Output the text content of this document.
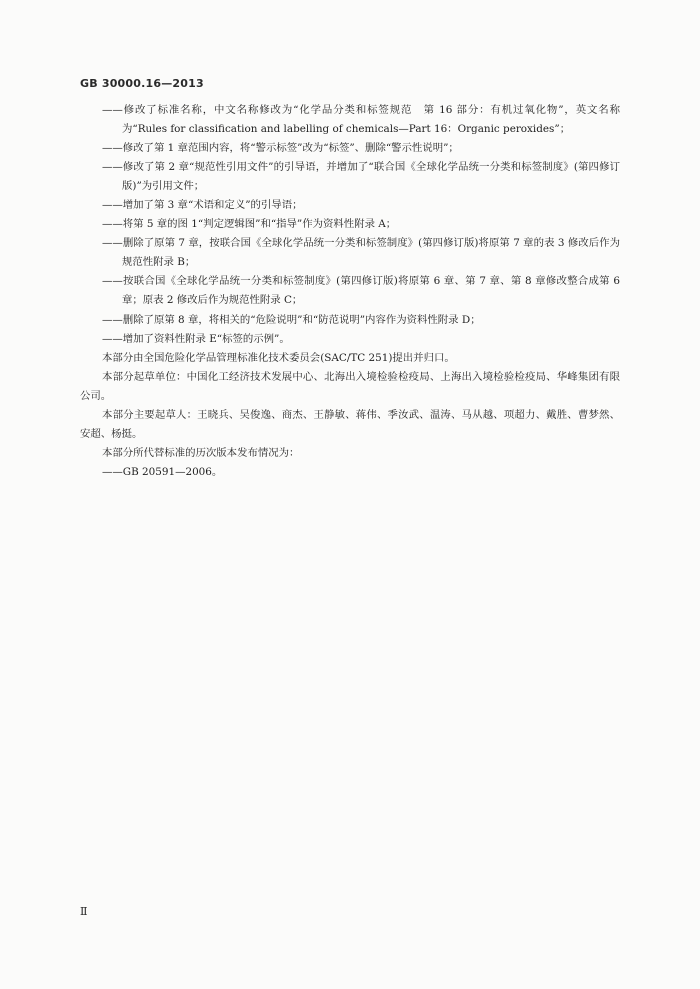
GB 30000.16—2013

——修改了标准名称，中文名称修改为“化学品分类和标签规范　第 16 部分：有机过氧化物”，英文名称为“Rules for classification and labelling of chemicals—Part 16：Organic peroxides”；

——修改了第 1 章范围内容，将“警示标签”改为“标签”、删除“警示性说明”；

——修改了第 2 章“规范性引用文件”的引导语，并增加了“联合国《全球化学品统一分类和标签制度》(第四修订版)”为引用文件；

——增加了第 3 章“术语和定义”的引导语；

——将第 5 章的图 1“判定逻辑图”和“指导”作为资料性附录 A；

——删除了原第 7 章，按联合国《全球化学品统一分类和标签制度》(第四修订版)将原第 7 章的表 3 修改后作为规范性附录 B；

——按联合国《全球化学品统一分类和标签制度》(第四修订版)将原第 6 章、第 7 章、第 8 章修改整合成第 6 章；原表 2 修改后作为规范性附录 C；

——删除了原第 8 章，将相关的“危险说明”和“防范说明”内容作为资料性附录 D；

——增加了资料性附录 E“标签的示例”。

本部分由全国危险化学品管理标准化技术委员会(SAC/TC 251)提出并归口。

本部分起草单位：中国化工经济技术发展中心、北海出入境检验检疫局、上海出入境检验检疫局、华峰集团有限公司。

本部分主要起草人：王晓兵、吴俊逸、商杰、王静敏、蒋伟、季汝武、温涛、马从越、项超力、戴胜、曹梦然、安超、杨挺。

本部分所代替标准的历次版本发布情况为：

——GB 20591—2006。

Ⅱ
